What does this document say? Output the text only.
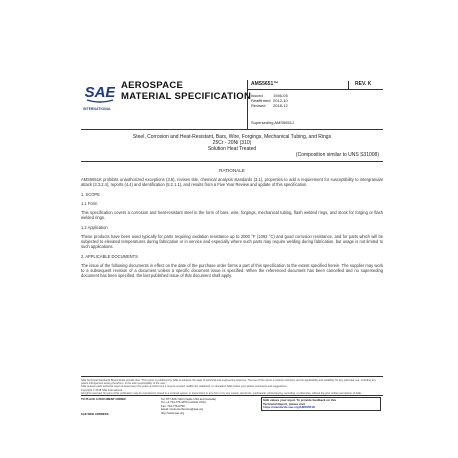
SAE
INTERNATIONAL
AEROSPACE
MATERIAL SPECIFICATION
AMS5651™	REV. K
Issued	1946-05
Reaffirmed 2012-10
Revised	2018-12
Superseding AMS5651J
Steel, Corrosion and Heat-Resistant, Bars, Wire, Forgings, Mechanical Tubing, and Rings
25Cr - 20Ni (310)
Solution Heat Treated
(Composition similar to UNS S31008)
RATIONALE
AMS5651K prohibits unauthorized exceptions (3.6), revises title, chemical analysis standards (3.1), properties to add a requirement for susceptibility to intergranular attack (3.3.2.4), reports (4.4) and identification (5.2.1.1), and results from a Five Year Review and update of this specification.
1. SCOPE
1.1 Form
This specification covers a corrosion and heat-resistant steel in the form of bars, wire, forgings, mechanical tubing, flash welded rings, and stock for forging or flash welded rings.
1.2 Application
These products have been used typically for parts requiring oxidation resistance up to 2000 °F (1093 °C) and good corrosion resistance, and for parts which will be subjected to elevated temperatures during fabrication or in service and especially where such parts may require welding during fabrication, but usage is not limited to such applications.
2. APPLICABLE DOCUMENTS
The issue of the following documents in effect on the date of the purchase order forms a part of this specification to the extent specified herein. The supplier may work to a subsequent revision of a document unless a specific document issue is specified. When the referenced document has been cancelled and no superseding document has been specified, the last published issue of that document shall apply.
SAE Technical Standards Board Rules provide that: "This report is published by SAE to advance the state of technical and engineering sciences. The use of this report is entirely voluntary, and its applicability and suitability for any particular use, including any patent infringement arising therefrom, is the sole responsibility of the user."
SAE reviews each technical report at least every five years at which time it may be revised, reaffirmed, stabilized, or cancelled. SAE invites your written comments and suggestions.
Copyright © 2018 SAE International
All rights reserved. No part of this publication may be reproduced, stored in a retrieval system or transmitted, in any form or by any means, electronic, mechanical, photocopying, recording, or otherwise, without the prior written permission of SAE.
TO PLACE A DOCUMENT ORDER:	Tel: 877-606-7323 (inside USA and Canada)
Tel: +1 724-776-4970 (outside USA)
Fax: 724-776-0790
Email: CustomerService@sae.org
http://www.sae.org
SAE values your input. To provide feedback on this
Technical Report, please visit
https://standards.sae.org/AMS5651K
SAE WEB ADDRESS:
